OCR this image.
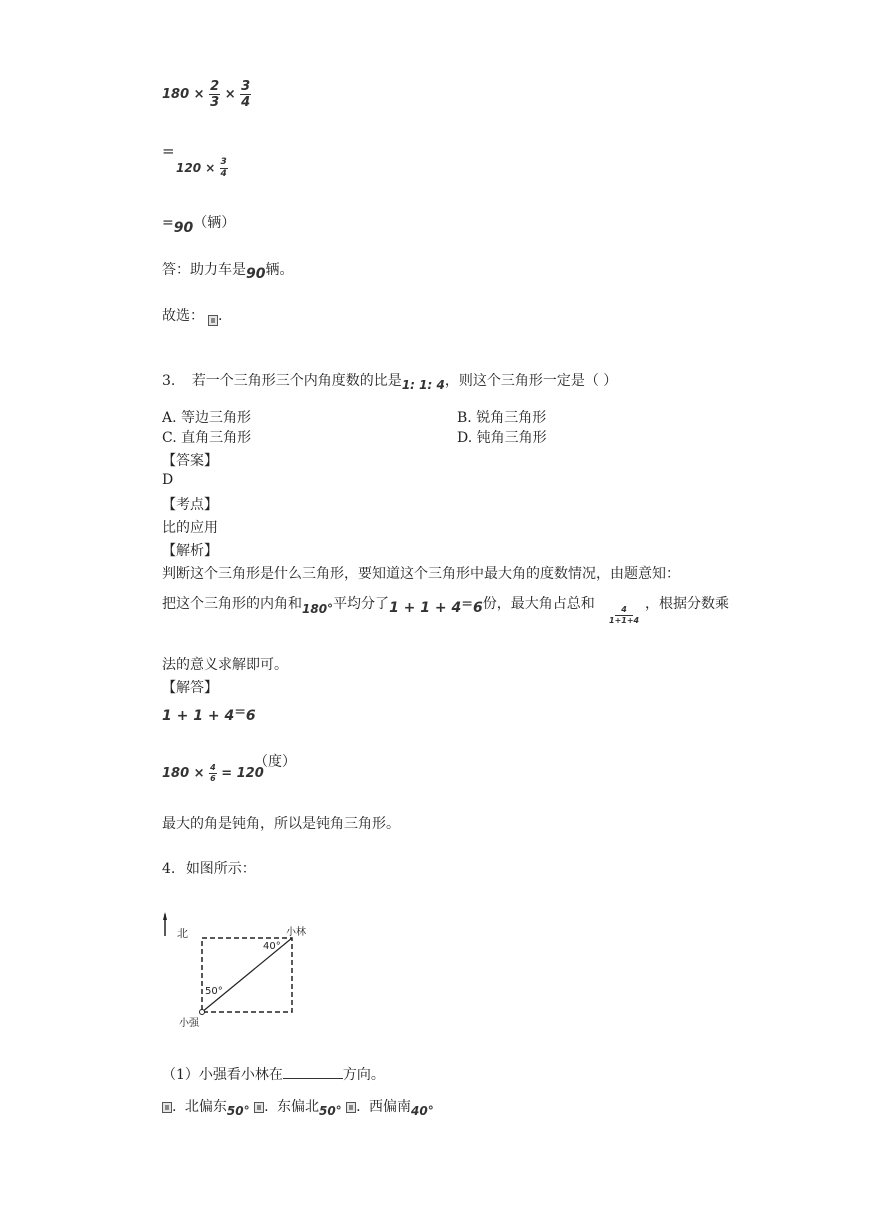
$180 \times \frac{2}{3} \times \frac{3}{4}$
=
$120 \times \frac{3}{4}$
=90（辆）
答：助力车是90辆。
故选： .
3. 若一个三角形三个内角度数的比是1: 1: 4，则这个三角形一定是（ ）
A. 等边三角形	B. 锐角三角形
C. 直角三角形	D. 钝角三角形
【答案】
D
【考点】
比的应用
【解析】
判断这个三角形是什么三角形，要知道这个三角形中最大角的度数情况，由题意知：
把这个三角形的内角和180°平均分了1 + 1 + 4=6份，最大角占总和
$\frac{4}{1+1+4}$
，根据分数乘
法的意义求解即可。
【解答】
1 + 1 + 4=6
$180 \times \frac{4}{6} = 120$
（度）
最大的角是钝角，所以是钝角三角形。
4. 如图所示：
北
40°
50°
小林
小强
（1）小强看小林在	方向。
. 北偏东50° . 东偏北50° . 西偏南40°
